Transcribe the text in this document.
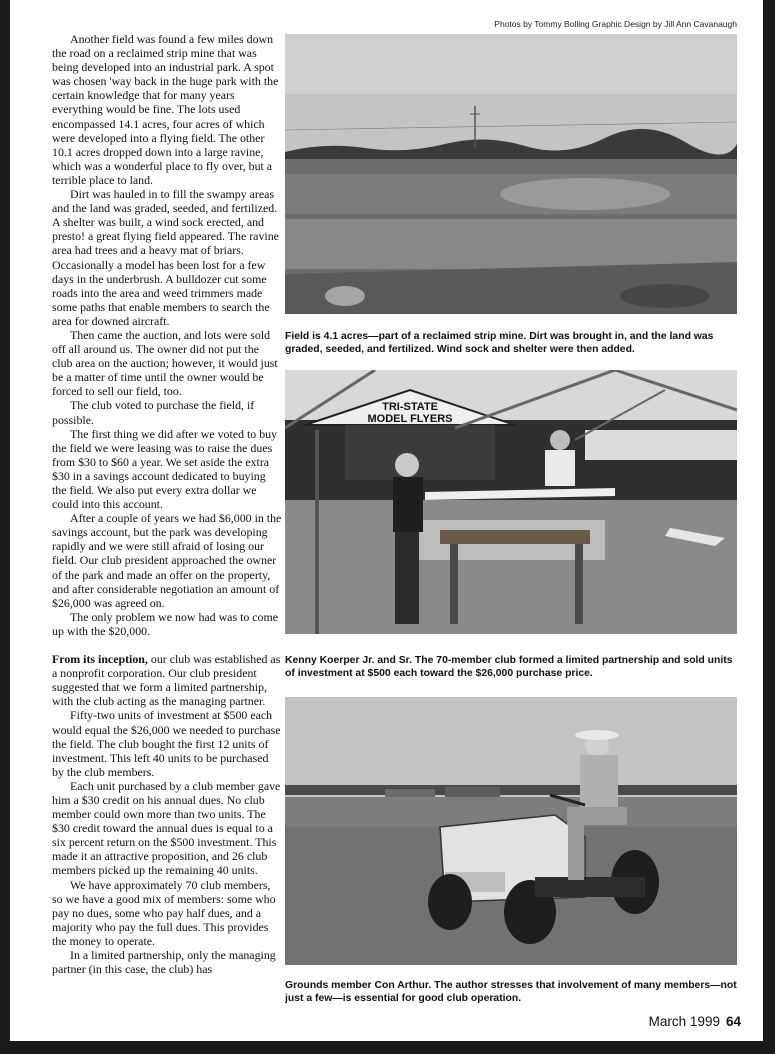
Photos by Tommy Bolling Graphic Design by Jill Ann Cavanaugh

Another field was found a few miles down the road on a reclaimed strip mine that was being developed into an industrial park. A spot was chosen 'way back in the huge park with the certain knowledge that for many years everything would be fine. The lots used encompassed 14.1 acres, four acres of which were developed into a flying field. The other 10.1 acres dropped down into a large ravine, which was a wonderful place to fly over, but a terrible place to land.

Dirt was hauled in to fill the swampy areas and the land was graded, seeded, and fertilized. A shelter was built, a wind sock erected, and presto! a great flying field appeared. The ravine area had trees and a heavy mat of briars. Occasionally a model has been lost for a few days in the underbrush. A bulldozer cut some roads into the area and weed trimmers made some paths that enable members to search the area for downed aircraft.

Then came the auction, and lots were sold off all around us. The owner did not put the club area on the auction; however, it would just be a matter of time until the owner would be forced to sell our field, too.

The club voted to purchase the field, if possible.

The first thing we did after we voted to buy the field we were leasing was to raise the dues from $30 to $60 a year. We set aside the extra $30 in a savings account dedicated to buying the field. We also put every extra dollar we could into this account.

After a couple of years we had $6,000 in the savings account, but the park was developing rapidly and we were still afraid of losing our field. Our club president approached the owner of the park and made an offer on the property, and after considerable negotiation an amount of $26,000 was agreed on.

The only problem we now had was to come up with the $20,000.

From its inception, our club was established as a nonprofit corporation. Our club president suggested that we form a limited partnership, with the club acting as the managing partner.

Fifty-two units of investment at $500 each would equal the $26,000 we needed to purchase the field. The club bought the first 12 units of investment. This left 40 units to be purchased by the club members.

Each unit purchased by a club member gave him a $30 credit on his annual dues. No club member could own more than two units. The $30 credit toward the annual dues is equal to a six percent return on the $500 investment. This made it an attractive proposition, and 26 club members picked up the remaining 40 units.

We have approximately 70 club members, so we have a good mix of members: some who pay no dues, some who pay half dues, and a majority who pay the full dues. This provides the money to operate.

In a limited partnership, only the managing partner (in this case, the club) has

Field is 4.1 acres—part of a reclaimed strip mine. Dirt was brought in, and the land was graded, seeded, and fertilized. Wind sock and shelter were then added.
TRI-STATE
MODEL FLYERS
Kenny Koerper Jr. and Sr. The 70-member club formed a limited partnership and sold units of investment at $500 each toward the $26,000 purchase price.
Grounds member Con Arthur. The author stresses that involvement of many members—not just a few—is essential for good club operation.
March 1999 64
